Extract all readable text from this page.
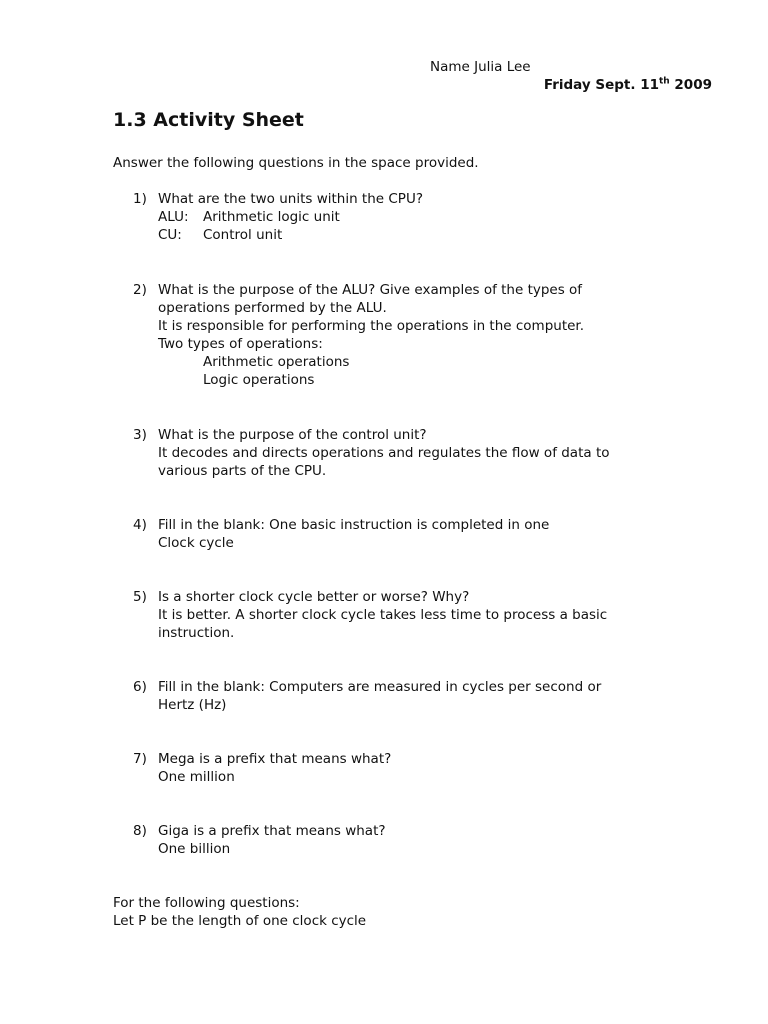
Name Julia Lee
Friday Sept. 11th 2009
1.3 Activity Sheet
Answer the following questions in the space provided.
1) What are the two units within the CPU?
ALU: Arithmetic logic unit
CU: Control unit
2) What is the purpose of the ALU? Give examples of the types of
operations performed by the ALU.
It is responsible for performing the operations in the computer.
Two types of operations:
Arithmetic operations
Logic operations
3) What is the purpose of the control unit?
It decodes and directs operations and regulates the flow of data to
various parts of the CPU.
4) Fill in the blank: One basic instruction is completed in one
Clock cycle
5) Is a shorter clock cycle better or worse? Why?
It is better. A shorter clock cycle takes less time to process a basic
instruction.
6) Fill in the blank: Computers are measured in cycles per second or
Hertz (Hz)
7) Mega is a prefix that means what?
One million
8) Giga is a prefix that means what?
One billion
For the following questions:
Let P be the length of one clock cycle
